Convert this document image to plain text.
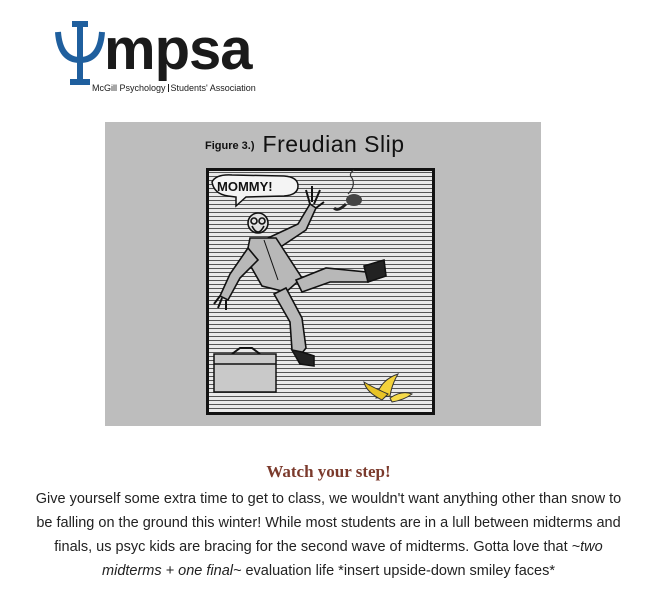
mpsa
McGill Psychology Students' Association
Figure 3.) Freudian Slip
MOMMY!
Watch your step!
Give yourself some extra time to get to class, we wouldn't want anything other than snow to be falling on the ground this winter! While most students are in a lull between midterms and finals, us psyc kids are bracing for the second wave of midterms. Gotta love that ~two midterms + one final~ evaluation life *insert upside-down smiley faces*
